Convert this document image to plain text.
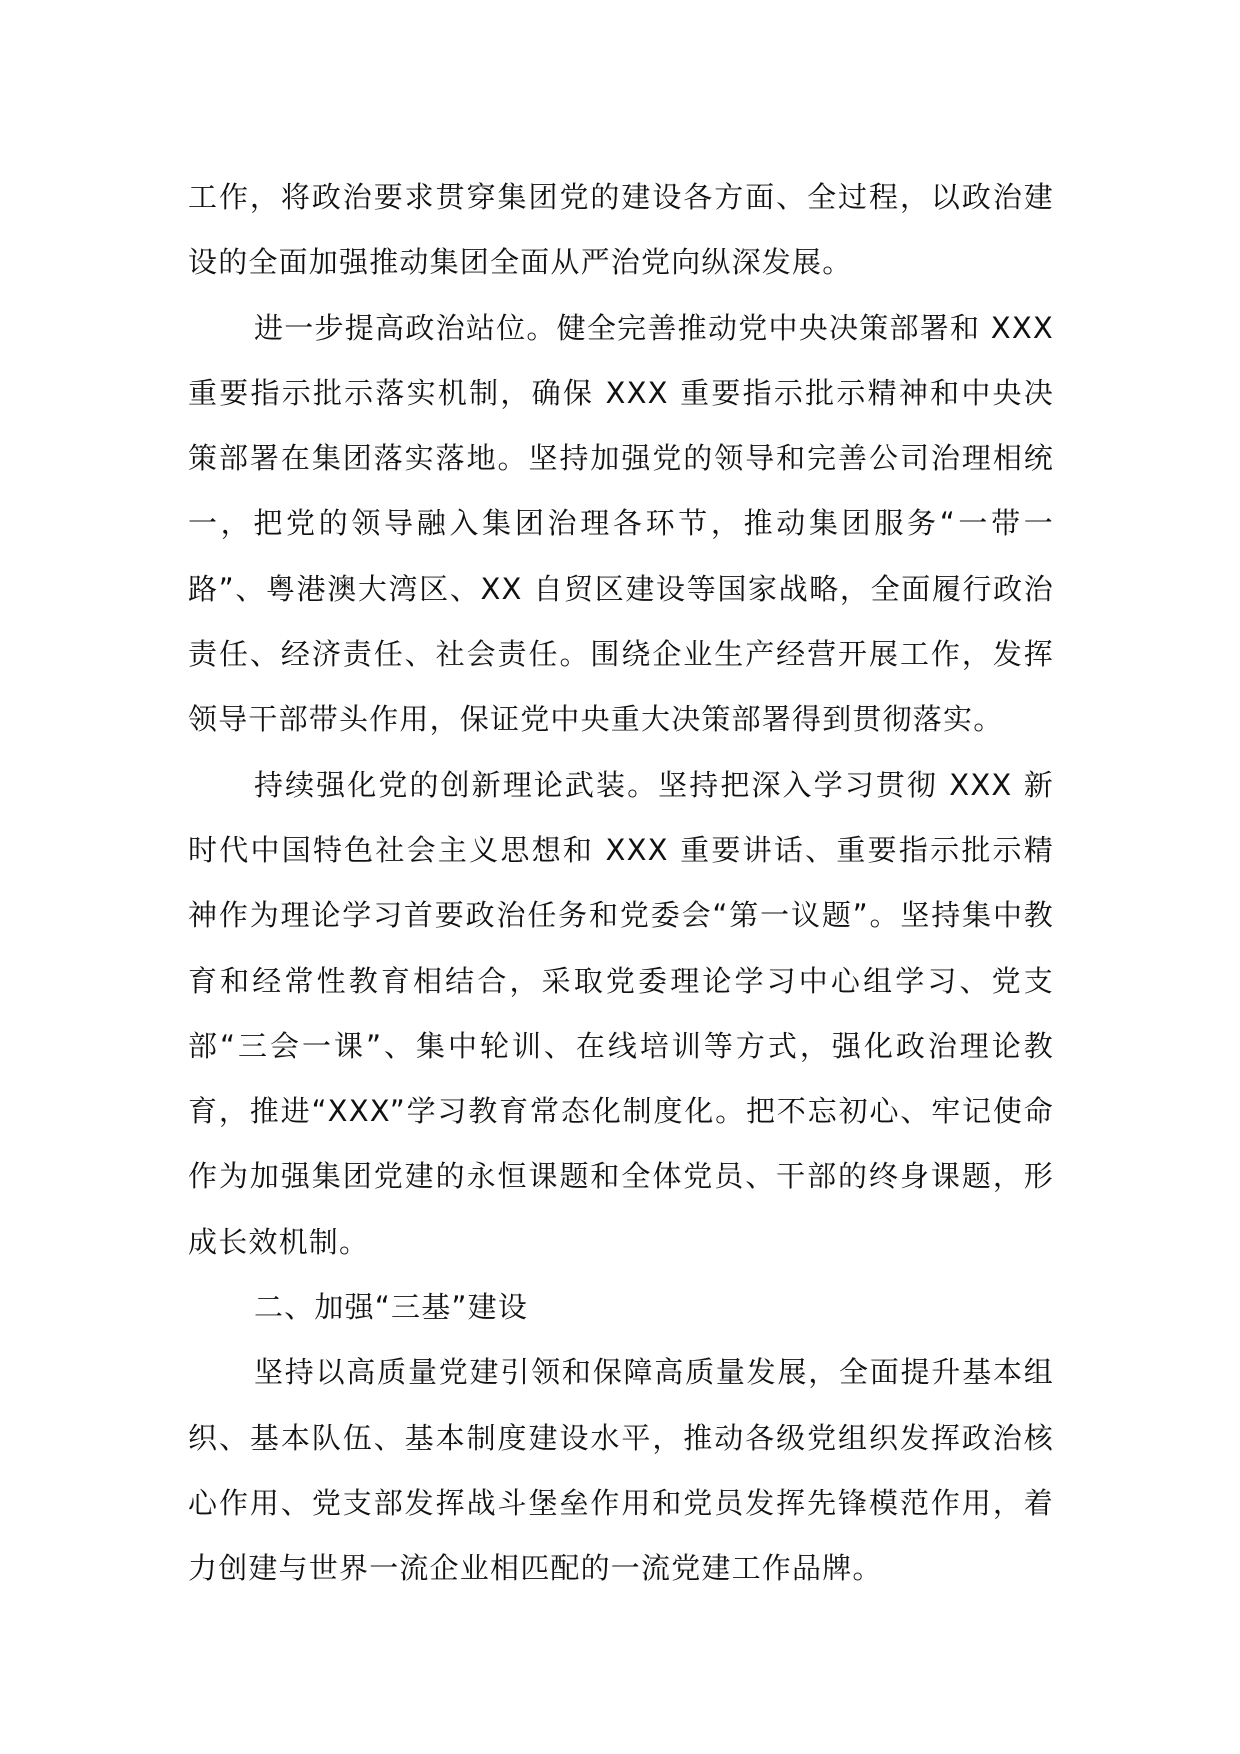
工作，将政治要求贯穿集团党的建设各方面、全过程，以政治建设的全面加强推动集团全面从严治党向纵深发展。

进一步提高政治站位。健全完善推动党中央决策部署和 XXX 重要指示批示落实机制，确保 XXX 重要指示批示精神和中央决策部署在集团落实落地。坚持加强党的领导和完善公司治理相统一，把党的领导融入集团治理各环节，推动集团服务“一带一路”、粤港澳大湾区、XX 自贸区建设等国家战略，全面履行政治责任、经济责任、社会责任。围绕企业生产经营开展工作，发挥领导干部带头作用，保证党中央重大决策部署得到贯彻落实。

持续强化党的创新理论武装。坚持把深入学习贯彻 XXX 新时代中国特色社会主义思想和 XXX 重要讲话、重要指示批示精神作为理论学习首要政治任务和党委会“第一议题”。坚持集中教育和经常性教育相结合，采取党委理论学习中心组学习、党支部“三会一课”、集中轮训、在线培训等方式，强化政治理论教育，推进“XXX”学习教育常态化制度化。把不忘初心、牢记使命作为加强集团党建的永恒课题和全体党员、干部的终身课题，形成长效机制。

二、加强“三基”建设

坚持以高质量党建引领和保障高质量发展，全面提升基本组织、基本队伍、基本制度建设水平，推动各级党组织发挥政治核心作用、党支部发挥战斗堡垒作用和党员发挥先锋模范作用，着力创建与世界一流企业相匹配的一流党建工作品牌。
